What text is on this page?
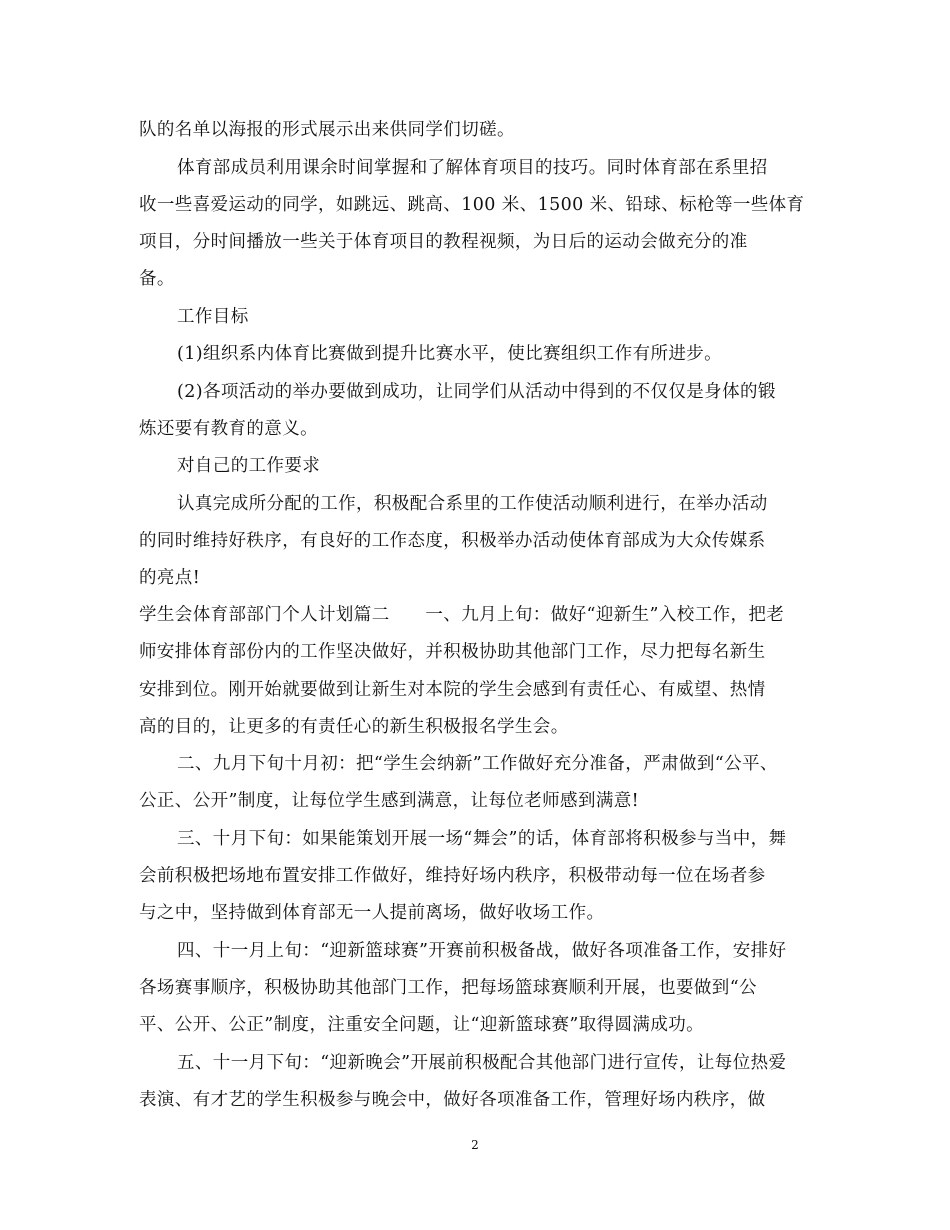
队的名单以海报的形式展示出来供同学们切磋。
体育部成员利用课余时间掌握和了解体育项目的技巧。同时体育部在系里招
收一些喜爱运动的同学，如跳远、跳高、100 米、1500 米、铅球、标枪等一些体育
项目，分时间播放一些关于体育项目的教程视频，为日后的运动会做充分的准
备。
工作目标
(1)组织系内体育比赛做到提升比赛水平，使比赛组织工作有所进步。
(2)各项活动的举办要做到成功，让同学们从活动中得到的不仅仅是身体的锻
炼还要有教育的意义。
对自己的工作要求
认真完成所分配的工作，积极配合系里的工作使活动顺利进行，在举办活动
的同时维持好秩序，有良好的工作态度，积极举办活动使体育部成为大众传媒系
的亮点!
学生会体育部部门个人计划篇二　　一、九月上旬：做好“迎新生”入校工作，把老
师安排体育部份内的工作坚决做好，并积极协助其他部门工作，尽力把每名新生
安排到位。刚开始就要做到让新生对本院的学生会感到有责任心、有威望、热情
高的目的，让更多的有责任心的新生积极报名学生会。
二、九月下旬十月初：把“学生会纳新”工作做好充分准备，严肃做到“公平、
公正、公开”制度，让每位学生感到满意，让每位老师感到满意!
三、十月下旬：如果能策划开展一场“舞会”的话，体育部将积极参与当中，舞
会前积极把场地布置安排工作做好，维持好场内秩序，积极带动每一位在场者参
与之中，坚持做到体育部无一人提前离场，做好收场工作。
四、十一月上旬：“迎新篮球赛”开赛前积极备战，做好各项准备工作，安排好
各场赛事顺序，积极协助其他部门工作，把每场篮球赛顺利开展，也要做到“公
平、公开、公正”制度，注重安全问题，让“迎新篮球赛”取得圆满成功。
五、十一月下旬：“迎新晚会”开展前积极配合其他部门进行宣传，让每位热爱
表演、有才艺的学生积极参与晚会中，做好各项准备工作，管理好场内秩序，做
2
